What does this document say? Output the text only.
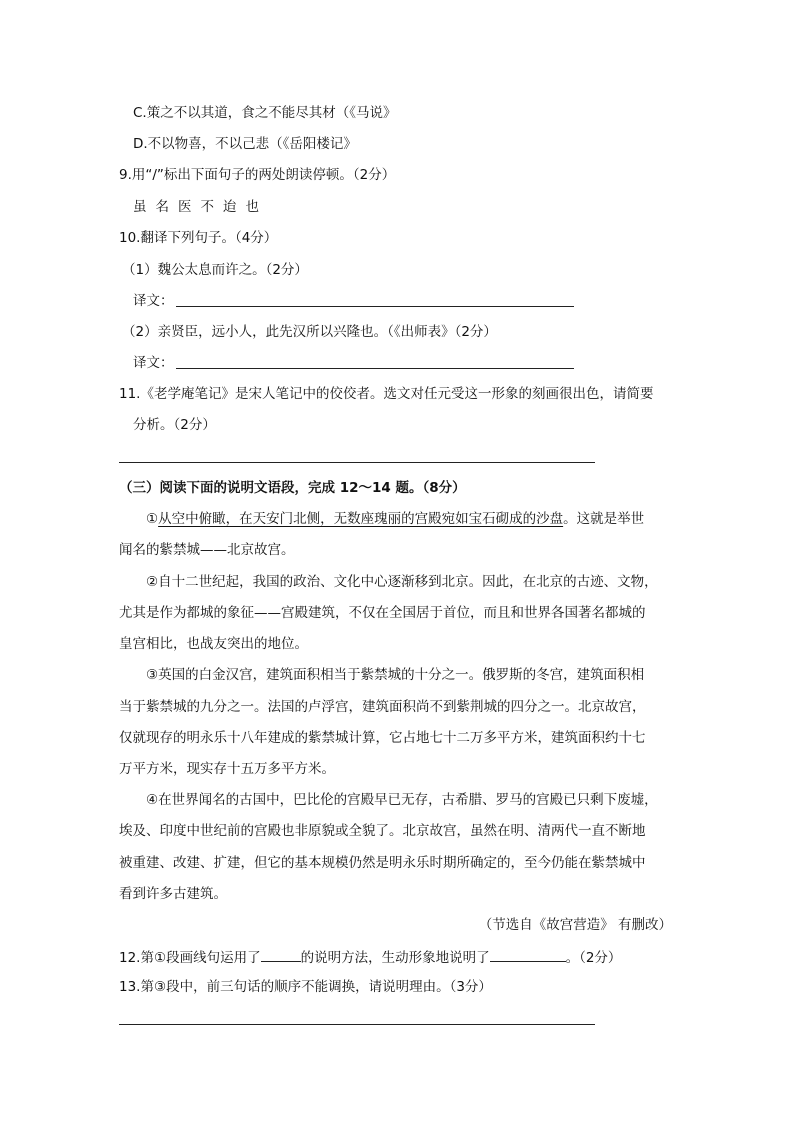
C.策之不以其道，食之不能尽其材（《马说》
D.不以物喜，不以己悲（《岳阳楼记》
9.用“/”标出下面句子的两处朗读停顿。（2分）
虽名医不迨也
10.翻译下列句子。（4分）
（1）魏公太息而许之。（2分）
译文：
（2）亲贤臣，远小人，此先汉所以兴隆也。（《出师表》（2分）
译文：
11.《老学庵笔记》是宋人笔记中的佼佼者。选文对任元受这一形象的刻画很出色，请简要
分析。（2分）
（三）阅读下面的说明文语段，完成 12～14 题。（8分）
①从空中俯瞰，在天安门北侧，无数座瑰丽的宫殿宛如宝石砌成的沙盘。这就是举世
闻名的紫禁城——北京故宫。
②自十二世纪起，我国的政治、文化中心逐渐移到北京。因此，在北京的古迹、文物，
尤其是作为都城的象征——宫殿建筑，不仅在全国居于首位，而且和世界各国著名都城的
皇宫相比，也战友突出的地位。
③英国的白金汉宫，建筑面积相当于紫禁城的十分之一。俄罗斯的冬宫，建筑面积相
当于紫禁城的九分之一。法国的卢浮宫，建筑面积尚不到紫荆城的四分之一。北京故宫，
仅就现存的明永乐十八年建成的紫禁城计算，它占地七十二万多平方米，建筑面积约十七
万平方米，现实存十五万多平方米。
④在世界闻名的古国中，巴比伦的宫殿早已无存，古希腊、罗马的宫殿已只剩下废墟，
埃及、印度中世纪前的宫殿也非原貌或全貌了。北京故宫，虽然在明、清两代一直不断地
被重建、改建、扩建，但它的基本规模仍然是明永乐时期所确定的，至今仍能在紫禁城中
看到许多古建筑。
（节选自《故宫营造》 有删改）
12.第①段画线句运用了	的说明方法，生动形象地说明了	。（2分）
13.第③段中，前三句话的顺序不能调换，请说明理由。（3分）
